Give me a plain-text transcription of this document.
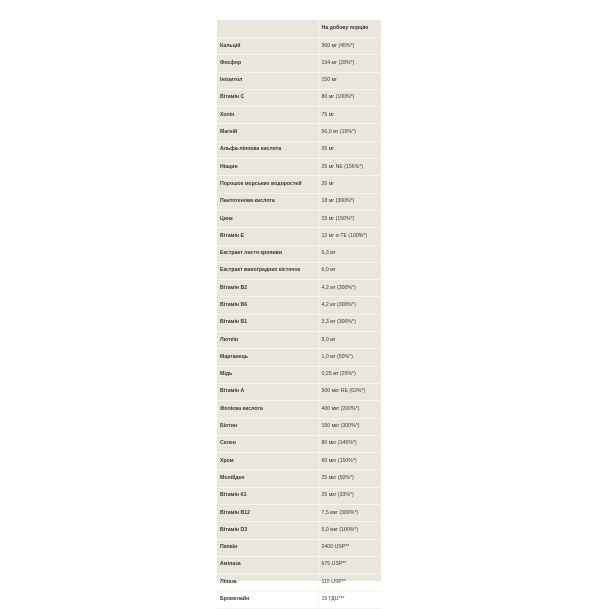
	На добову порцію
Кальцій	360 мг (45%*)
Фосфор	194 мг (28%*)
Інозитол	150 мг
Вітамін С	80 мг (100%*)
Холін	75 мг
Магній	56,0 мг (15%*)
Альфа-ліпоєва кислота	26 мг
Ніацин	25 мг NE (156%*)
Порошок морських водоростей	20 мг
Пантотенова кислота	18 мг (300%*)
Цинк	15 мг (150%*)
Вітамін Е	12 мг α-TE (100%*)
Екстракт листя кропиви	6,3 мг
Екстракт виноградних кісточок	6,0 мг
Вітамін В2	4,2 мг (300%*)
Вітамін В6	4,2 мг (300%*)
Вітамін В1	3,3 мг (300%*)
Лютеїн	3,0 мг
Марганець	1,0 мг (50%*)
Мідь	0,25 мг (25%*)
Вітамін А	500 мкг RE (63%*)
Фолієва кислота	400 мкг (200%*)
Біотин	150 мкг (300%*)
Селен	80 мкг (145%*)
Хром	60 мкг (150%*)
Молібден	25 мкг (50%*)
Вітамін К1	25 мкг (33%*)
Вітамін В12	7,5 мкг (300%*)
Вітамін D3	5,0 мкг (100%*)
Папаїн	2400 USP**
Амілаза	675 USP**
Ліпаза	115 USP**
Бромелайн	15 ГДU***
